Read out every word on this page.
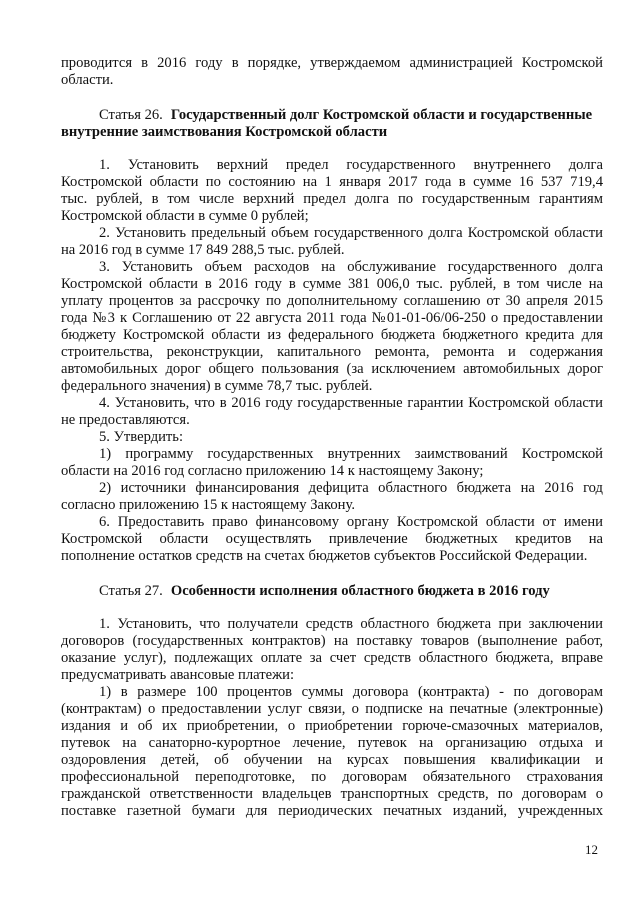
проводится в 2016 году в порядке, утверждаемом администрацией Костромской
области.
Статья 26. Государственный долг Костромской области и государственные
внутренние заимствования Костромской области
1. Установить верхний предел государственного внутреннего долга
Костромской области по состоянию на 1 января 2017 года в сумме 16 537 719,4
тыс. рублей, в том числе верхний предел долга по государственным гарантиям
Костромской области в сумме 0 рублей;
2. Установить предельный объем государственного долга Костромской области
на 2016 год в сумме 17 849 288,5 тыс. рублей.
3. Установить объем расходов на обслуживание государственного долга
Костромской области в 2016 году в сумме 381 006,0 тыс. рублей, в том числе на
уплату процентов за рассрочку по дополнительному соглашению от 30 апреля 2015
года №3 к Соглашению от 22 августа 2011 года №01-01-06/06-250 о предоставлении
бюджету Костромской области из федерального бюджета бюджетного кредита для
строительства, реконструкции, капитального ремонта, ремонта и содержания
автомобильных дорог общего пользования (за исключением автомобильных дорог
федерального значения) в сумме 78,7 тыс. рублей.
4. Установить, что в 2016 году государственные гарантии Костромской области
не предоставляются.
5. Утвердить:
1) программу государственных внутренних заимствований Костромской
области на 2016 год согласно приложению 14 к настоящему Закону;
2) источники финансирования дефицита областного бюджета на 2016 год
согласно приложению 15 к настоящему Закону.
6. Предоставить право финансовому органу Костромской области от имени
Костромской области осуществлять привлечение бюджетных кредитов на
пополнение остатков средств на счетах бюджетов субъектов Российской Федерации.
Статья 27. Особенности исполнения областного бюджета в 2016 году
1. Установить, что получатели средств областного бюджета при заключении
договоров (государственных контрактов) на поставку товаров (выполнение работ,
оказание услуг), подлежащих оплате за счет средств областного бюджета, вправе
предусматривать авансовые платежи:
1) в размере 100 процентов суммы договора (контракта) - по договорам
(контрактам) о предоставлении услуг связи, о подписке на печатные (электронные)
издания и об их приобретении, о приобретении горюче-смазочных материалов,
путевок на санаторно-курортное лечение, путевок на организацию отдыха и
оздоровления детей, об обучении на курсах повышения квалификации и
профессиональной переподготовке, по договорам обязательного страхования
гражданской ответственности владельцев транспортных средств, по договорам о
поставке газетной бумаги для периодических печатных изданий, учрежденных
12
